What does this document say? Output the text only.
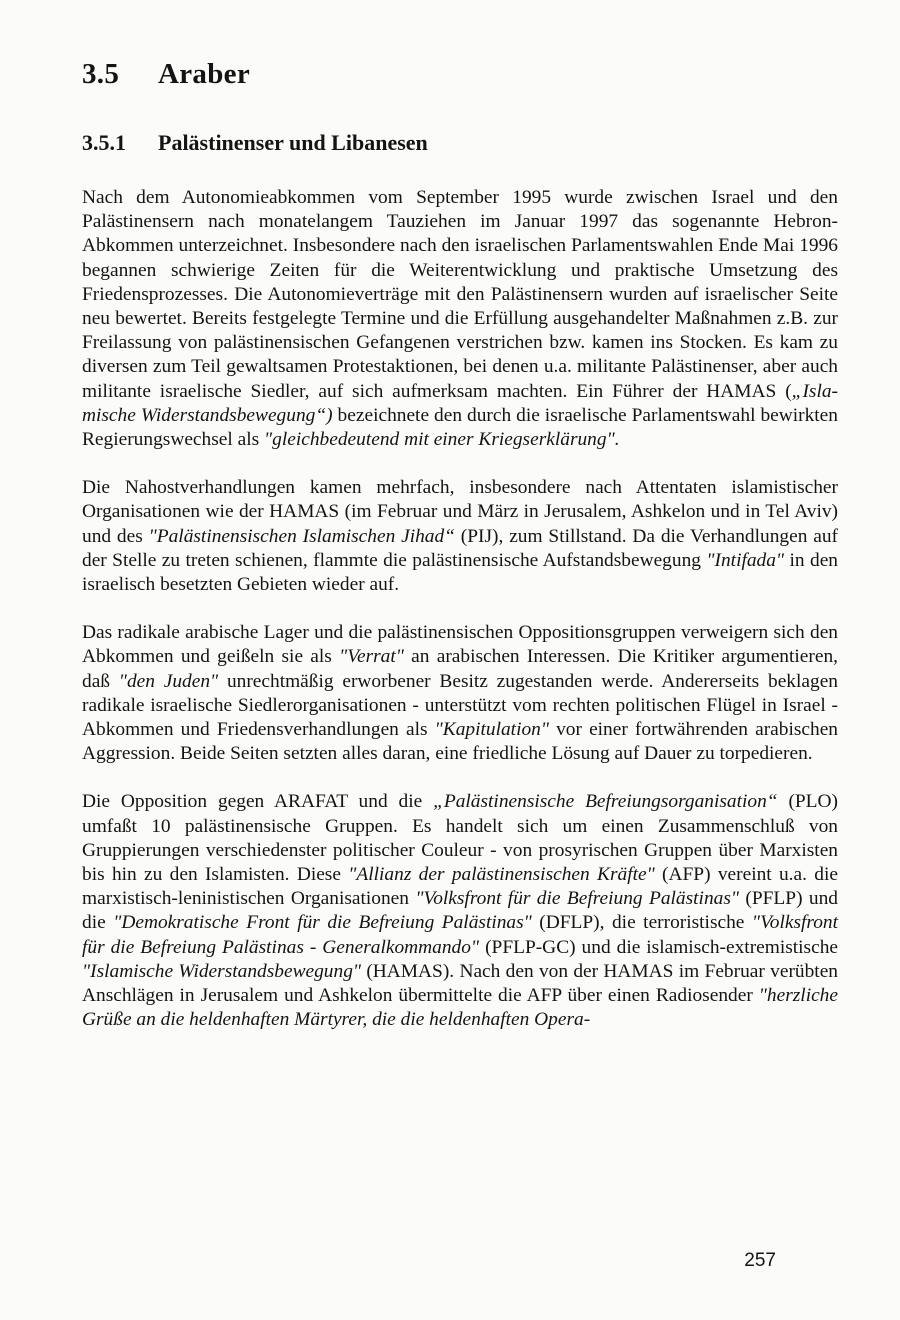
3.5 Araber
3.5.1 Palästinenser und Libanesen

Nach dem Autonomieabkommen vom September 1995 wurde zwischen Israel und den Palästinensern nach monatelangem Tauziehen im Januar 1997 das sogenannte Hebron-Abkommen unterzeichnet. Insbesondere nach den israelischen Parlamentswahlen Ende Mai 1996 begannen schwierige Zeiten für die Weiterentwicklung und praktische Umsetzung des Friedensprozesses. Die Autonomieverträge mit den Palästinensern wurden auf israelischer Seite neu bewertet. Bereits festgelegte Termine und die Erfüllung ausgehandelter Maßnahmen z.B. zur Freilassung von palästinensischen Gefangenen verstrichen bzw. kamen ins Stocken. Es kam zu diversen zum Teil gewaltsamen Protestaktionen, bei denen u.a. militante Palästinenser, aber auch militante israelische Siedler, auf sich aufmerksam machten. Ein Führer der HAMAS („Islamische Widerstandsbewegung“) bezeichnete den durch die israelische Parlamentswahl bewirkten Regierungswechsel als "gleichbedeutend mit einer Kriegserklärung".

Die Nahostverhandlungen kamen mehrfach, insbesondere nach Attentaten islamistischer Organisationen wie der HAMAS (im Februar und März in Jerusalem, Ashkelon und in Tel Aviv) und des "Palästinensischen Islamischen Jihad“ (PIJ), zum Stillstand. Da die Verhandlungen auf der Stelle zu treten schienen, flammte die palästinensische Aufstandsbewegung "Intifada" in den israelisch besetzten Gebieten wieder auf.

Das radikale arabische Lager und die palästinensischen Oppositionsgruppen verweigern sich den Abkommen und geißeln sie als "Verrat" an arabischen Interessen. Die Kritiker argumentieren, daß "den Juden" unrechtmäßig erworbener Besitz zugestanden werde. Andererseits beklagen radikale israelische Siedlerorganisationen - unterstützt vom rechten politischen Flügel in Israel - Abkommen und Friedensverhandlungen als "Kapitulation" vor einer fortwährenden arabischen Aggression. Beide Seiten setzten alles daran, eine friedliche Lösung auf Dauer zu torpedieren.

Die Opposition gegen ARAFAT und die „Palästinensische Befreiungsorganisation“ (PLO) umfaßt 10 palästinensische Gruppen. Es handelt sich um einen Zusammenschluß von Gruppierungen verschiedenster politischer Couleur - von prosyrischen Gruppen über Marxisten bis hin zu den Islamisten. Diese "Allianz der palästinensischen Kräfte" (AFP) vereint u.a. die marxistisch-leninistischen Organisationen "Volksfront für die Befreiung Palästinas" (PFLP) und die "Demokratische Front für die Befreiung Palästinas" (DFLP), die terroristische "Volksfront für die Befreiung Palästinas - Generalkommando" (PFLP-GC) und die islamisch-extremistische "Islamische Widerstandsbewegung" (HAMAS). Nach den von der HAMAS im Februar verübten Anschlägen in Jerusalem und Ashkelon übermittelte die AFP über einen Radiosender "herzliche Grüße an die heldenhaften Märtyrer, die die heldenhaften Opera-

257
